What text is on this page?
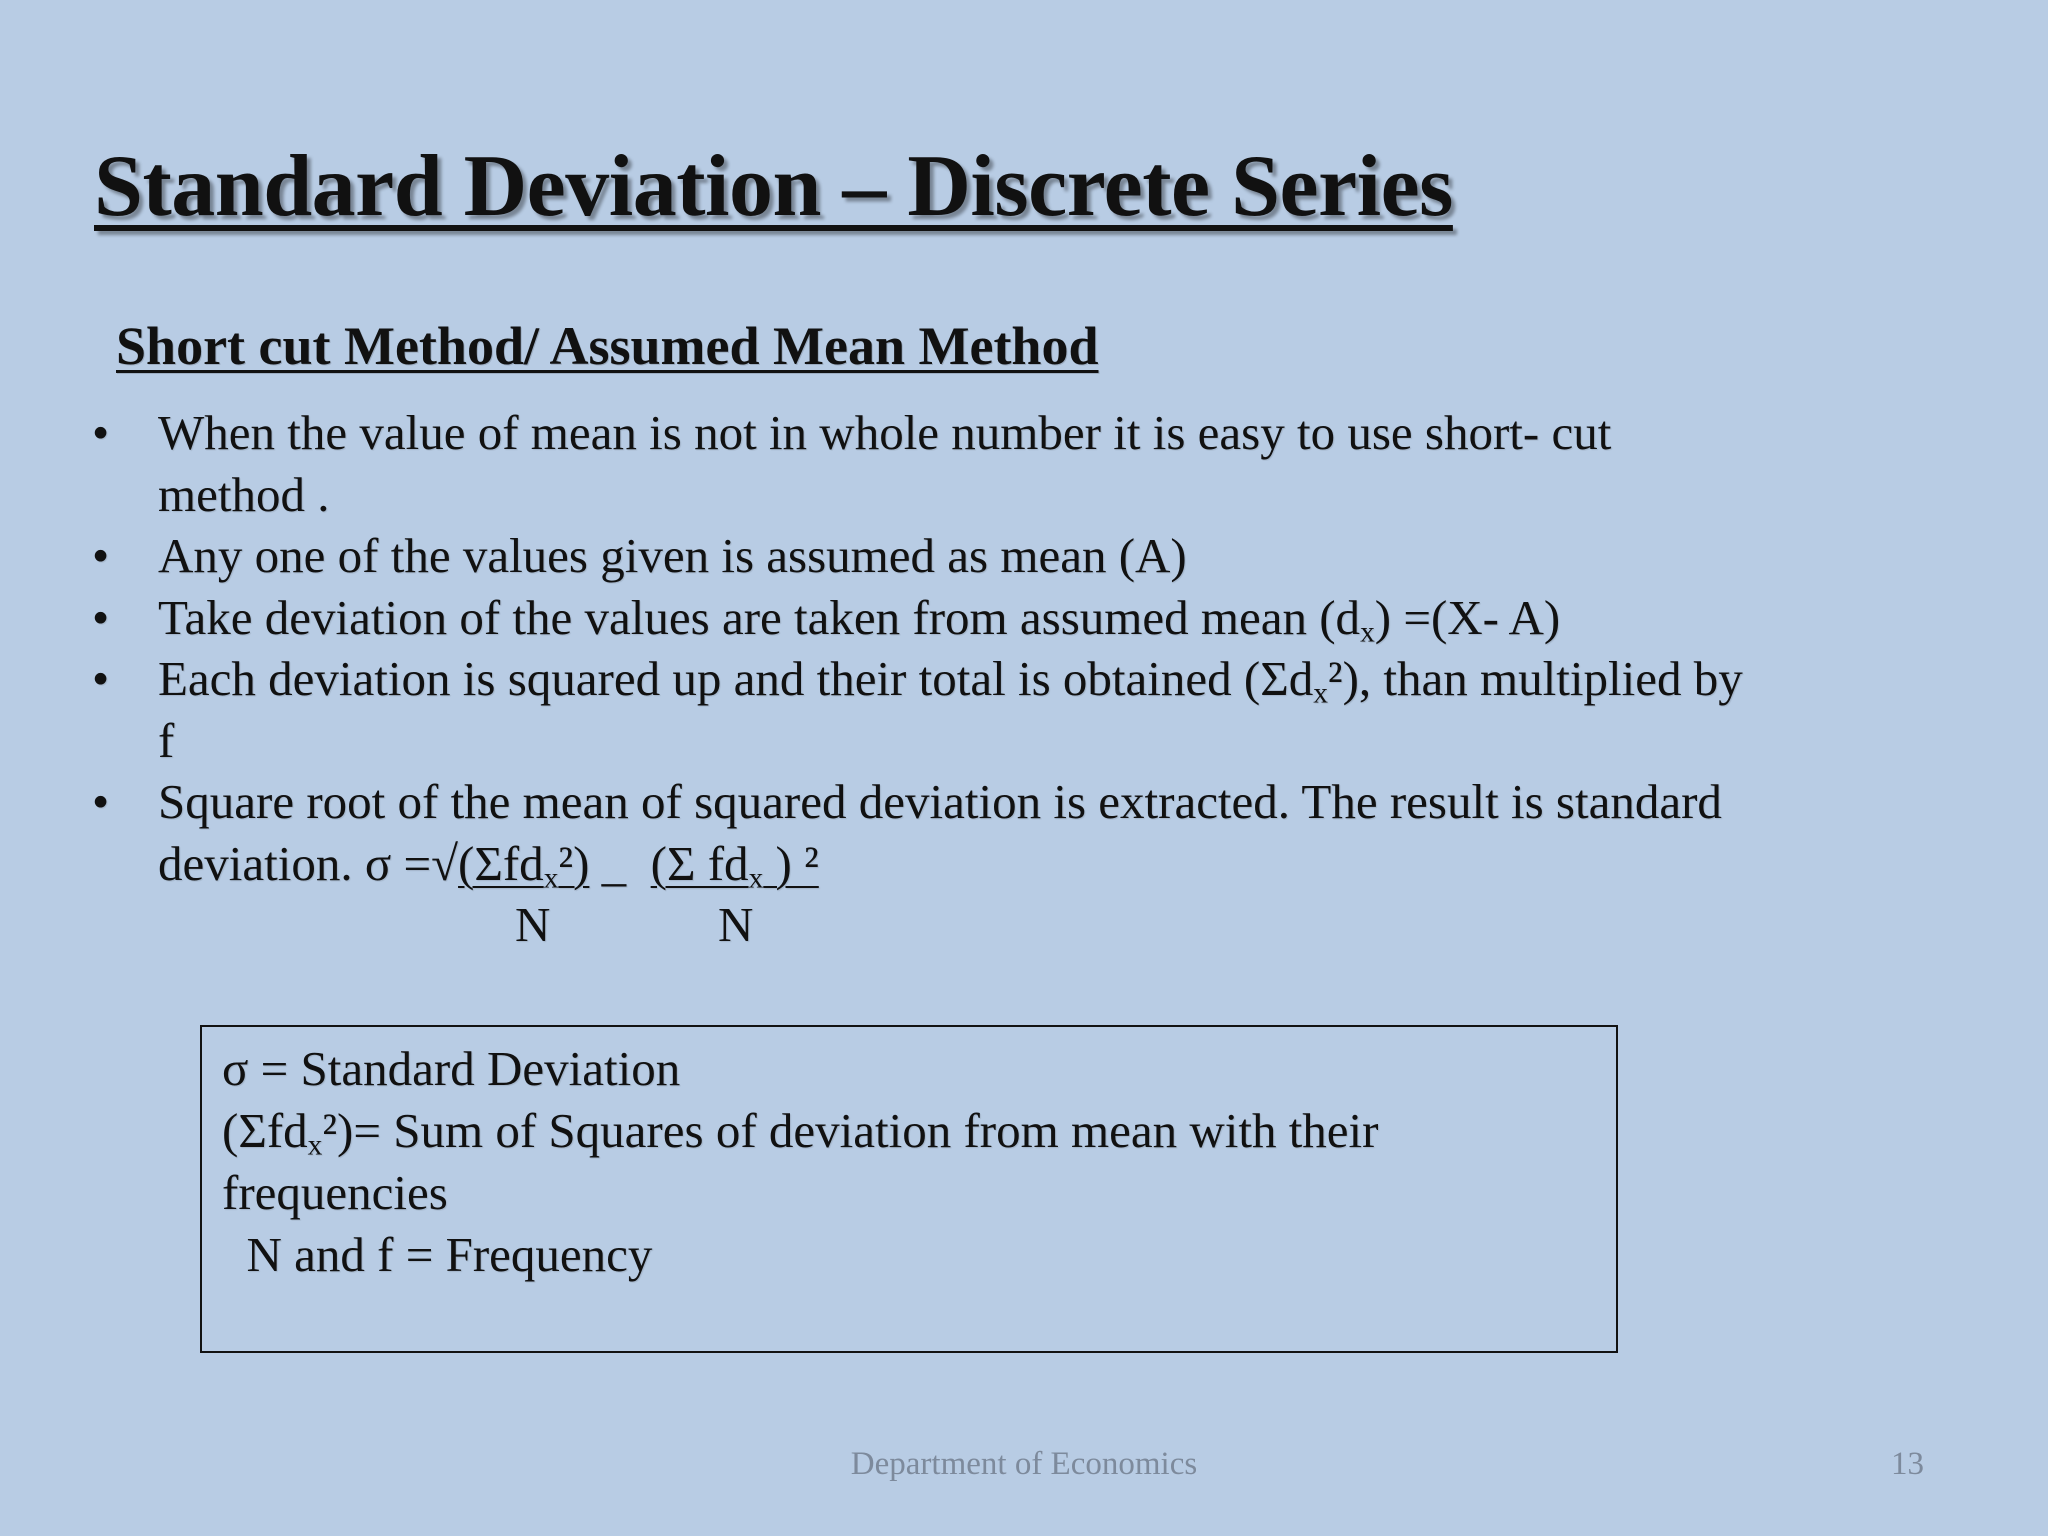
Standard Deviation – Discrete Series
Short cut Method/ Assumed Mean Method
• When the value of mean is not in whole number it is easy to use short- cut
method .
• Any one of the values given is assumed as mean (A)
• Take deviation of the values are taken from assumed mean $(d_x) =(X-$ A)
• Each deviation is squared up and their total is obtained $(\Sigma d_x^2)$, than multiplied by
f
• Square root of the mean of squared deviation is extracted. The result is standard
deviation. σ =√(Σfd$_x$²) _  (Σ $fd_x$ ) ²
N	N
σ = Standard Deviation
(Σfd$_x$²)= Sum of Squares of deviation from mean with their
frequencies
N and f = Frequency
Department of Economics	13
